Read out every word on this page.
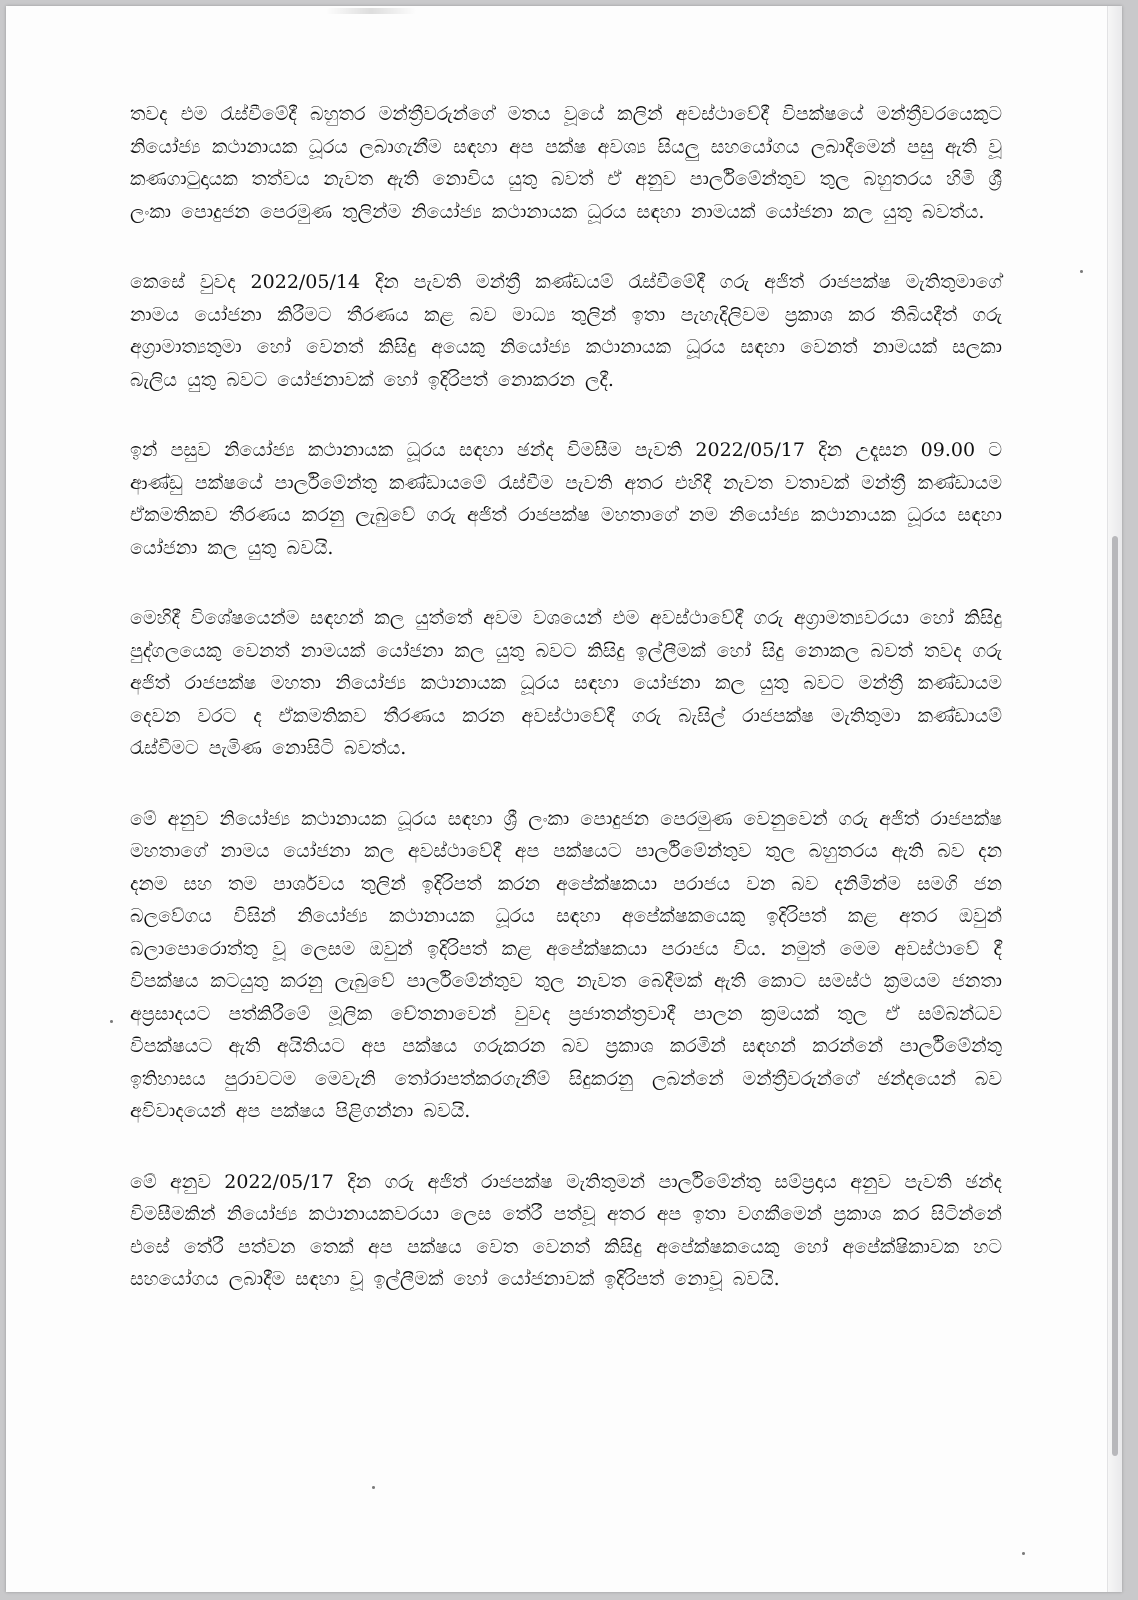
තවද එම රැස්වීමේදී බහුතර මන්ත්‍රීවරුන්ගේ මතය වූයේ කලින් අවස්ථාවේදී විපක්ෂයේ මන්ත්‍රීවරයෙකුට නියෝජ්‍ය කථානායක ධූරය ලබාගැනීම සඳහා අප පක්ෂ අවශ්‍ය සියලු සහයෝගය ලබාදීමෙන් පසු ඇති වූ කණගාටුදායක තත්වය නැවත ඇති නොවිය යුතු බවත් ඒ අනුව පාර්ලිමේන්තුව තුල බහුතරය හිමි ශ්‍රී ලංකා පොදුජන පෙරමුණ තුලින්ම නියෝජ්‍ය කථානායක ධූරය සඳහා නාමයක් යෝජනා කල යුතු බවත්ය.

කෙසේ වුවද 2022/05/14 දින පැවති මන්ත්‍රී කණ්ඩයම් රැස්වීමේදී ගරු අජිත් රාජපක්ෂ මැතිතුමාගේ නාමය යෝජනා කිරීමට තීරණය කළ බව මාධ්‍ය තුලින් ඉතා පැහැදිලිවම ප්‍රකාශ කර තිබියදීත් ගරු අග්‍රාමාත්‍යතුමා හෝ වෙනත් කිසිදු අයෙකු නියෝජ්‍ය කථානායක ධූරය සඳහා වෙනත් නාමයක් සලකා බැලිය යුතු බවට යෝජනාවක් හෝ ඉදිරිපත් නොකරන ලදී.

ඉන් පසුව නියෝජ්‍ය කථානායක ධූරය සඳහා ඡන්ද විමසීම පැවති 2022/05/17 දින උදෑසන 09.00 ට ආණ්ඩු පක්ෂයේ පාර්ලිමේන්තු කණ්ඩායමේ රැස්වීම පැවති අතර එහිදී නැවත වතාවක් මන්ත්‍රී කණ්ඩායම ඒකමතිකව තීරණය කරනු ලැබුවේ ගරු අජිත් රාජපක්ෂ මහතාගේ නම නියෝජ්‍ය කථානායක ධූරය සඳහා යෝජනා කල යුතු බවයි.

මෙහිදී විශේෂයෙන්ම සඳහන් කල යුත්තේ අවම වශයෙන් එම අවස්ථාවේදී ගරු අග්‍රාමත්‍යවරයා හෝ කිසිදු පුද්ගලයෙකු වෙනත් නාමයක් යෝජනා කල යුතු බවට කිසිදු ඉල්ලීමක් හෝ සිදු නොකල බවත් තවද ගරු අජිත් රාජපක්ෂ මහතා නියෝජ්‍ය කථානායක ධූරය සඳහා යෝජනා කල යුතු බවට මන්ත්‍රී කණ්ඩායම දෙවන වරට ද ඒකමතිකව තීරණය කරන අවස්ථාවේදී ගරු බැසිල් රාජපක්ෂ මැතිතුමා කණ්ඩායම් රැස්වීමට පැමිණ නොසිටි බවත්ය.

මේ අනුව නියෝජ්‍ය කථානායක ධූරය සඳහා ශ්‍රී ලංකා පොදුජන පෙරමුණ වෙනුවෙන් ගරු අජිත් රාජපක්ෂ මහතාගේ නාමය යෝජනා කල අවස්ථාවේදී අප පක්ෂයට පාර්ලිමේන්තුව තුල බහුතරය ඇති බව දන දනම සහ තම පාර්ශවය තුලින් ඉදිරිපත් කරන අපේක්ෂකයා පරාජය වන බව දනිමින්ම සමගි ජන බලවේගය විසින් නියෝජ්‍ය කථානායක ධූරය සඳහා අපේක්ෂකයෙකු ඉදිරිපත් කළ අතර ඔවුන් බලාපොරොත්තු වූ ලෙසම ඔවුන් ඉදිරිපත් කළ අපේක්ෂකයා පරාජය විය. නමුත් මෙම අවස්ථාවේ දී විපක්ෂය කටයුතු කරනු ලැබුවේ පාර්ලිමේන්තුව තුල නැවත බෙදීමක් ඇති කොට සමස්ථ ක්‍රමයම ජනතා අප්‍රසාදයට පත්කිරීමේ මූලික චේතනාවෙන් වුවද ප්‍රජාතන්ත්‍රවාදී පාලන ක්‍රමයක් තුල ඒ සම්බන්ධව විපක්ෂයට ඇති අයිතියට අප පක්ෂය ගරුකරන බව ප්‍රකාශ කරමින් සඳහන් කරන්නේ පාර්ලිමේන්තු ඉතිහාසය පුරාවටම මෙවැනි තෝරාපත්කරගැනීම් සිදුකරනු ලබන්නේ මන්ත්‍රීවරුන්ගේ ඡන්දයෙන් බව අවිවාදයෙන් අප පක්ෂය පිළිගන්නා බවයි.

මේ අනුව 2022/05/17 දින ගරු අජිත් රාජපක්ෂ මැතිතුමන් පාර්ලිමේන්තු සම්ප්‍රදාය අනුව පැවති ඡන්ද විමසීමකින් නියෝජ්‍ය කථානායකවරයා ලෙස තේරී පත්වූ අතර අප ඉතා වගකීමෙන් ප්‍රකාශ කර සිටින්නේ එසේ තේරී පත්වන තෙක් අප පක්ෂය වෙත වෙනත් කිසිදු අපේක්ෂකයෙකු හෝ අපේක්ෂිකාවක හට සහයෝගය ලබාදීම සඳහා වූ ඉල්ලීමක් හෝ යෝජනාවක් ඉදිරිපත් නොවූ බවයි.
